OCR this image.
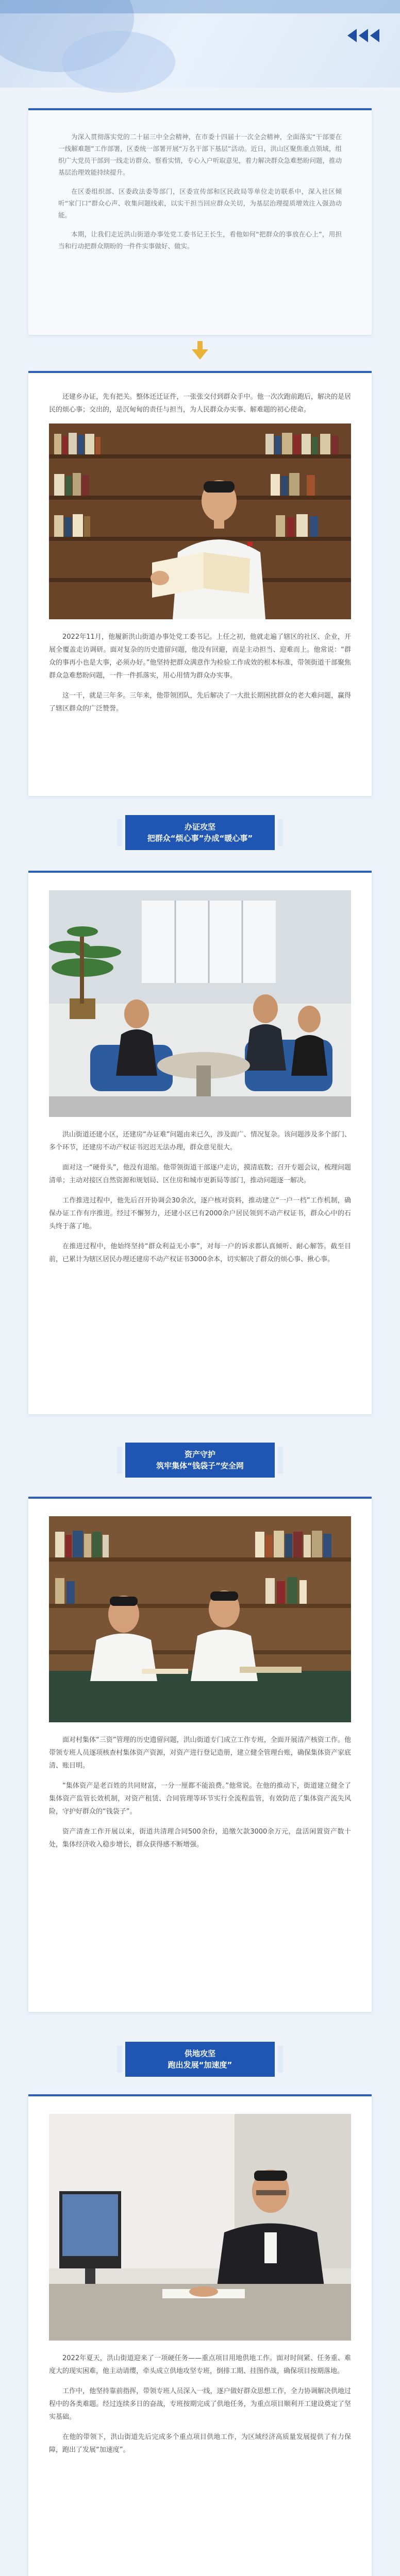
为深入贯彻落实党的二十届三中全会精神，在市委十四届十一次全会精神，全面落实“干部要在一线解难题”工作部署，区委统一部署开展“万名干部下基层”活动。近日，洪山区聚焦重点领域，组织广大党员干部到一线走访群众、察看实情，专心入户听取意见，着力解决群众急难愁盼问题，推动基层治理效能持续提升。

在区委组织部、区委政法委等部门，区委宣传部和区民政局等单位走访联系中，深入社区倾听“家门口”群众心声、收集问题线索，以实干担当回应群众关切，为基层治理提质增效注入强劲动能。

本期，让我们走近洪山街道办事处党工委书记王长生，看他如何“把群众的事放在心上”，用担当和行动把群众期盼的一件件实事做好、做实。

还建乡办证，先有把关。整体还迁证件，一张张交付到群众手中。他一次次跑前跑后，解决的是居民的烦心事；交出的，是沉甸甸的责任与担当，为人民群众办实事、解难题的初心使命。

2022年11月，他履新洪山街道办事处党工委书记。上任之初，他就走遍了辖区的社区、企业，开展全覆盖走访调研。面对复杂的历史遗留问题，他没有回避，而是主动担当、迎难而上。他常说：“群众的事再小也是大事，必须办好。”他坚持把群众满意作为检验工作成效的根本标准，带领街道干部聚焦群众急难愁盼问题，一件一件抓落实，用心用情为群众办实事。

这一干，就是三年多。三年来，他带领团队，先后解决了一大批长期困扰群众的老大难问题，赢得了辖区群众的广泛赞誉。

办证攻坚
把群众“烦心事”办成“暖心事”

洪山街道还建小区，还建房“办证难”问题由来已久，涉及面广、情况复杂。该问题涉及多个部门、多个环节，还建房不动产权证书迟迟无法办理，群众意见很大。

面对这一“硬骨头”，他没有退缩。他带领街道干部逐户走访，摸清底数；召开专题会议，梳理问题清单；主动对接区自然资源和规划局、区住房和城市更新局等部门，推动问题逐一解决。

工作推进过程中，他先后召开协调会30余次，逐户核对资料，推动建立“一户一档”工作机制，确保办证工作有序推进。经过不懈努力，还建小区已有2000余户居民领到不动产权证书，群众心中的石头终于落了地。

在推进过程中，他始终坚持“群众利益无小事”，对每一户的诉求都认真倾听、耐心解答。截至目前，已累计为辖区居民办理还建房不动产权证书3000余本，切实解决了群众的烦心事、揪心事。

资产守护
筑牢集体“钱袋子”安全网

面对村集体“三资”管理的历史遗留问题，洪山街道专门成立工作专班，全面开展清产核资工作。他带领专班人员逐项核查村集体资产资源，对资产进行登记造册，建立健全管理台账，确保集体资产家底清、账目明。

“集体资产是老百姓的共同财富，一分一厘都不能浪费。”他常说。在他的推动下，街道建立健全了集体资产监管长效机制，对资产租赁、合同管理等环节实行全流程监管，有效防范了集体资产流失风险，守护好群众的“钱袋子”。

资产清查工作开展以来，街道共清理合同500余份，追缴欠款3000余万元，盘活闲置资产数十处，集体经济收入稳步增长，群众获得感不断增强。

供地攻坚
跑出发展“加速度”

2022年夏天，洪山街道迎来了一项硬任务——重点项目用地供地工作。面对时间紧、任务重、难度大的现实困难，他主动请缨，牵头成立供地攻坚专班，倒排工期、挂图作战，确保项目按期落地。

工作中，他坚持靠前指挥，带领专班人员深入一线，逐户做好群众思想工作，全力协调解决供地过程中的各类难题。经过连续多日的奋战，专班按期完成了供地任务，为重点项目顺利开工建设奠定了坚实基础。

在他的带领下，洪山街道先后完成多个重点项目供地工作，为区域经济高质量发展提供了有力保障，跑出了发展“加速度”。
